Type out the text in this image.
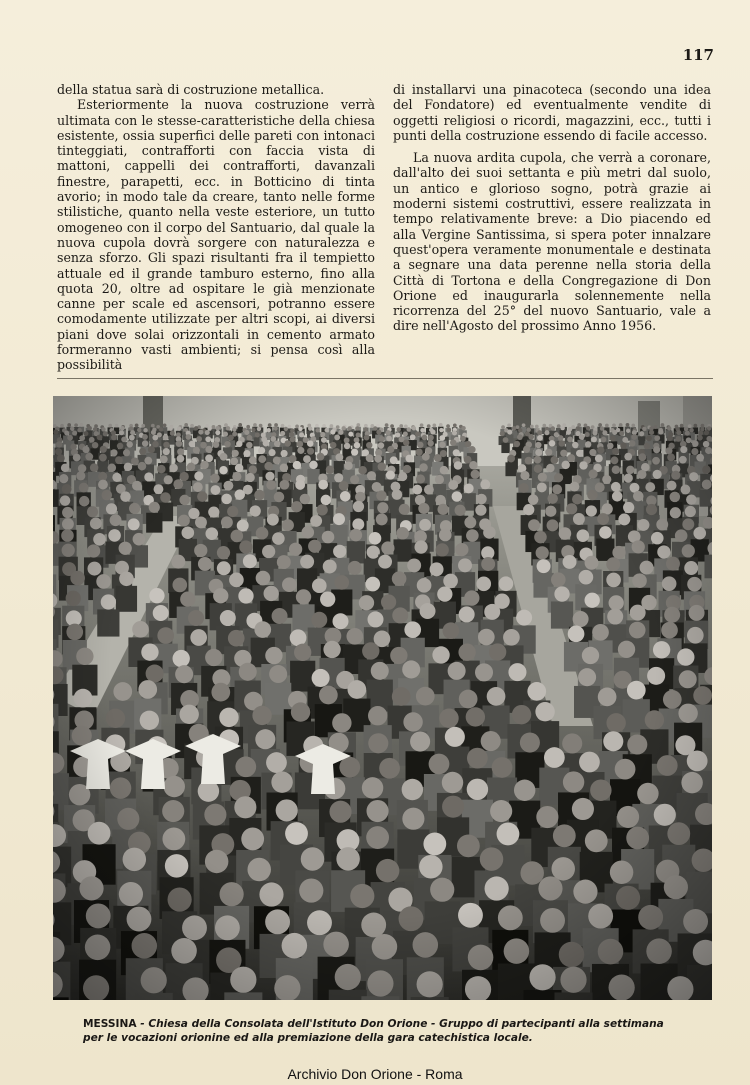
117

della statua sarà di costruzione metallica.

Esteriormente la nuova costruzione verrà ultimata con le stesse-caratteristiche della chiesa esistente, ossia superfici delle pareti con intonaci tinteggiati, contrafforti con faccia vista di mattoni, cappelli dei contrafforti, davanzali finestre, parapetti, ecc. in Botticino di tinta avorio; in modo tale da creare, tanto nelle forme stilistiche, quanto nella veste esteriore, un tutto omogeneo con il corpo del Santuario, dal quale la nuova cupola dovrà sorgere con naturalezza e senza sforzo. Gli spazi risultanti fra il tempietto attuale ed il grande tamburo esterno, fino alla quota 20, oltre ad ospitare le già menzionate canne per scale ed ascensori, potranno essere comodamente utilizzate per altri scopi, ai diversi piani dove solai orizzontali in cemento armato formeranno vasti ambienti; si pensa così alla possibilità

di installarvi una pinacoteca (secondo una idea del Fondatore) ed eventualmente vendite di oggetti religiosi o ricordi, magazzini, ecc., tutti i punti della costruzione essendo di facile accesso.

La nuova ardita cupola, che verrà a coronare, dall'alto dei suoi settanta e più metri dal suolo, un antico e glorioso sogno, potrà grazie ai moderni sistemi costruttivi, essere realizzata in tempo relativamente breve: a Dio piacendo ed alla Vergine Santissima, si spera poter innalzare quest'opera veramente monumentale e destinata a segnare una data perenne nella storia della Città di Tortona e della Congregazione di Don Orione ed inaugurarla solennemente nella ricorrenza del 25° del nuovo Santuario, vale a dire nell'Agosto del prossimo Anno 1956.

MESSINA - Chiesa della Consolata dell'Istituto Don Orione - Gruppo di partecipanti alla settimana per le vocazioni orionine ed alla premiazione della gara catechistica locale.
Archivio Don Orione - Roma
